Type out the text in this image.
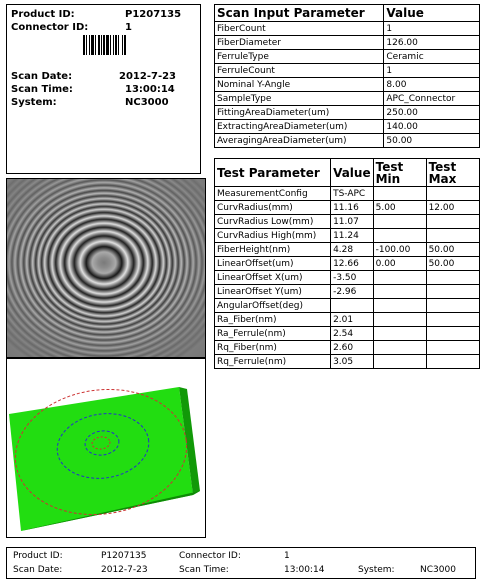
Product ID:	P1207135
Connector ID:	1
Scan Date:	2012-7-23
Scan Time:	13:00:14
System:	NC3000
Scan Input Parameter	Value
FiberCount	1
FiberDiameter	126.00
FerruleType	Ceramic
FerruleCount	1
Nominal Y-Angle	8.00
SampleType	APC_Connector
FittingAreaDiameter(um)	250.00
ExtractingAreaDiameter(um)	140.00
AveragingAreaDiameter(um)	50.00
Test Parameter	Value	Test Min	Test Max
MeasurementConfig	TS-APC		
CurvRadius(mm)	11.16	5.00	12.00
CurvRadius Low(mm)	11.07		
CurvRadius High(mm)	11.24		
FiberHeight(nm)	4.28	-100.00	50.00
LinearOffset(um)	12.66	0.00	50.00
LinearOffset X(um)	-3.50		
LinearOffset Y(um)	-2.96		
AngularOffset(deg)			
Ra_Fiber(nm)	2.01		
Ra_Ferrule(nm)	2.54		
Rq_Fiber(nm)	2.60		
Rq_Ferrule(nm)	3.05		
Product ID:	P1207135	Connector ID:	1
Scan Date:	2012-7-23	Scan Time:	13:00:14	System:	NC3000
